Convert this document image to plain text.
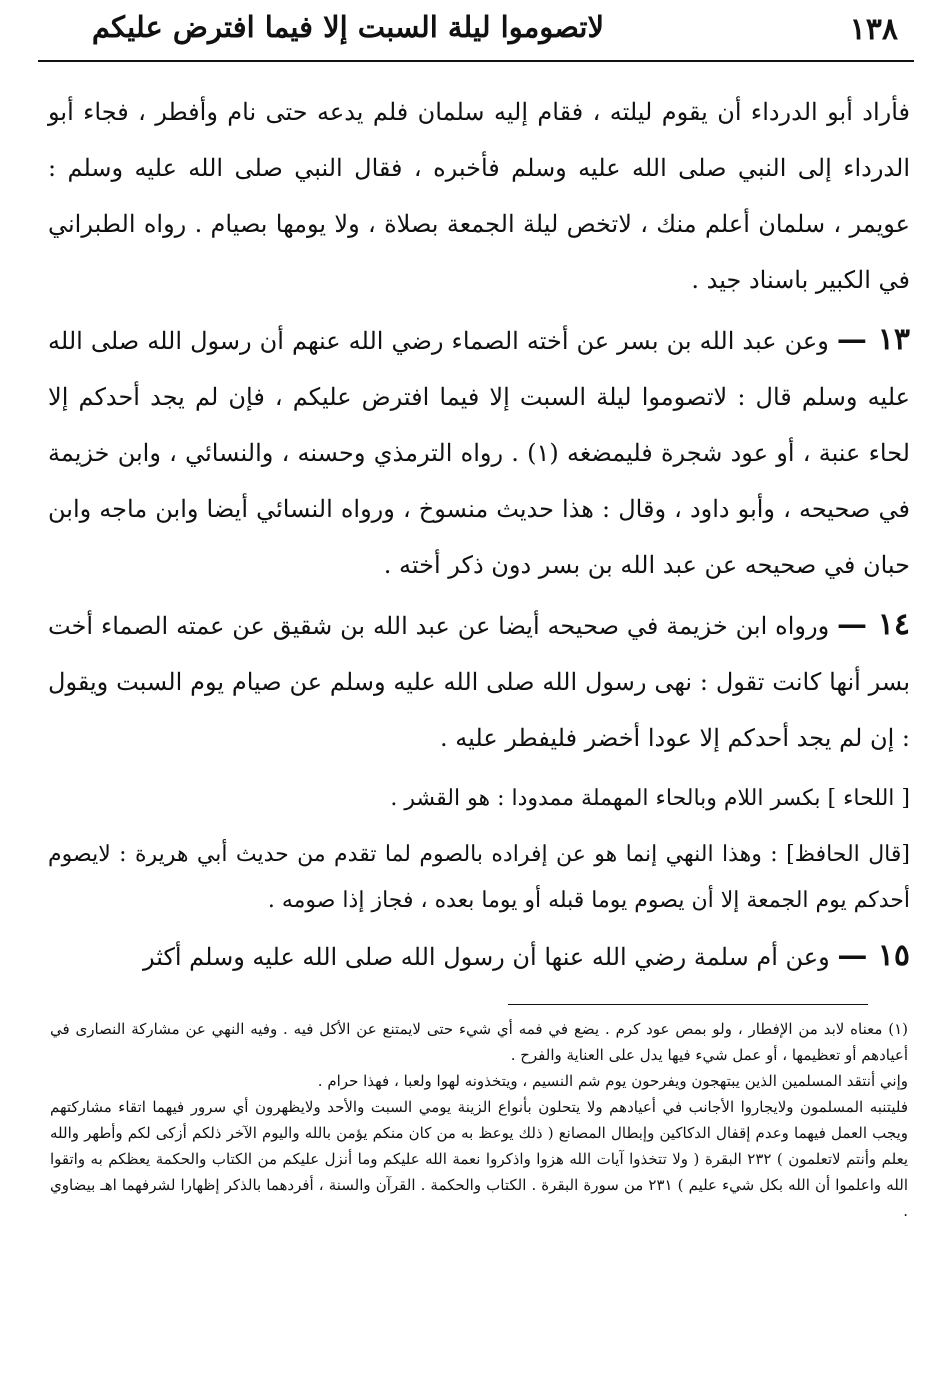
١٣٨
لاتصوموا ليلة السبت إلا فيما افترض عليكم

فأراد أبو الدرداء أن يقوم ليلته ، فقام إليه سلمان فلم يدعه حتى نام وأفطر ، فجاء أبو الدرداء إلى النبي صلى الله عليه وسلم فأخبره ، فقال النبي صلى الله عليه وسلم : عويمر ، سلمان أعلم منك ، لاتخص ليلة الجمعة بصلاة ، ولا يومها بصيام . رواه الطبراني في الكبير باسناد جيد .

١٣ — وعن عبد الله بن بسر عن أخته الصماء رضي الله عنهم أن رسول الله صلى الله عليه وسلم قال : لاتصوموا ليلة السبت إلا فيما افترض عليكم ، فإن لم يجد أحدكم إلا لحاء عنبة ، أو عود شجرة فليمضغه (١) . رواه الترمذي وحسنه ، والنسائي ، وابن خزيمة في صحيحه ، وأبو داود ، وقال : هذا حديث منسوخ ، ورواه النسائي أيضا وابن ماجه وابن حبان في صحيحه عن عبد الله بن بسر دون ذكر أخته .

١٤ — ورواه ابن خزيمة في صحيحه أيضا عن عبد الله بن شقيق عن عمته الصماء أخت بسر أنها كانت تقول : نهى رسول الله صلى الله عليه وسلم عن صيام يوم السبت ويقول : إن لم يجد أحدكم إلا عودا أخضر فليفطر عليه .

[ اللحاء ] بكسر اللام وبالحاء المهملة ممدودا : هو القشر .

[قال الحافظ] : وهذا النهي إنما هو عن إفراده بالصوم لما تقدم من حديث أبي هريرة : لايصوم أحدكم يوم الجمعة إلا أن يصوم يوما قبله أو يوما بعده ، فجاز إذا صومه .

١٥ — وعن أم سلمة رضي الله عنها أن رسول الله صلى الله عليه وسلم أكثر

(١) معناه لابد من الإفطار ، ولو بمص عود كرم . يضع في فمه أي شيء حتى لايمتنع عن الأكل فيه . وفيه النهي عن مشاركة النصارى في أعيادهم أو تعظيمها ، أو عمل شيء فيها يدل على العناية والفرح .

وإني أنتقد المسلمين الذين يبتهجون ويفرحون يوم شم النسيم ، ويتخذونه لهوا ولعبا ، فهذا حرام .

فليتنبه المسلمون ولايجاروا الأجانب في أعيادهم ولا يتحلون بأنواع الزينة يومي السبت والأحد ولايظهرون أي سرور فيهما اتقاء مشاركتهم ويجب العمل فيهما وعدم إقفال الدكاكين وإبطال المصانع ( ذلك يوعظ به من كان منكم يؤمن بالله واليوم الآخر ذلكم أزكى لكم وأطهر والله يعلم وأنتم لاتعلمون ) ٢٣٢ البقرة ( ولا تتخذوا آيات الله هزوا واذكروا نعمة الله عليكم وما أنزل عليكم من الكتاب والحكمة يعظكم به واتقوا الله واعلموا أن الله بكل شيء عليم ) ٢٣١ من سورة البقرة . الكتاب والحكمة . القرآن والسنة ، أفردهما بالذكر إظهارا لشرفهما اهـ بيضاوي .
